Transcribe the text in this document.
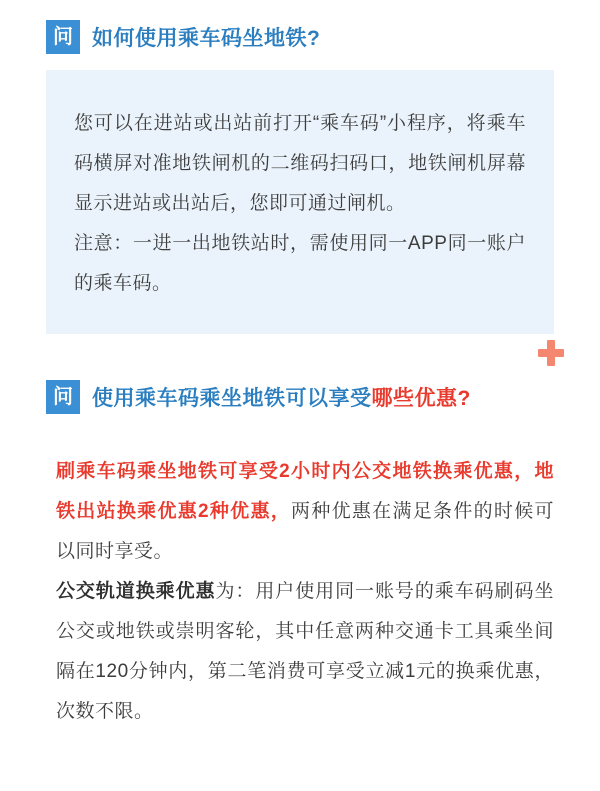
问 如何使用乘车码坐地铁?

您可以在进站或出站前打开“乘车码”小程序，将乘车码横屏对准地铁闸机的二维码扫码口，地铁闸机屏幕显示进站或出站后，您即可通过闸机。

注意：一进一出地铁站时，需使用同一APP同一账户的乘车码。

问 使用乘车码乘坐地铁可以享受哪些优惠?

刷乘车码乘坐地铁可享受2小时内公交地铁换乘优惠，地铁出站换乘优惠2种优惠，两种优惠在满足条件的时候可以同时享受。

公交轨道换乘优惠为：用户使用同一账号的乘车码刷码坐公交或地铁或崇明客轮，其中任意两种交通卡工具乘坐间隔在120分钟内，第二笔消费可享受立减1元的换乘优惠，次数不限。
